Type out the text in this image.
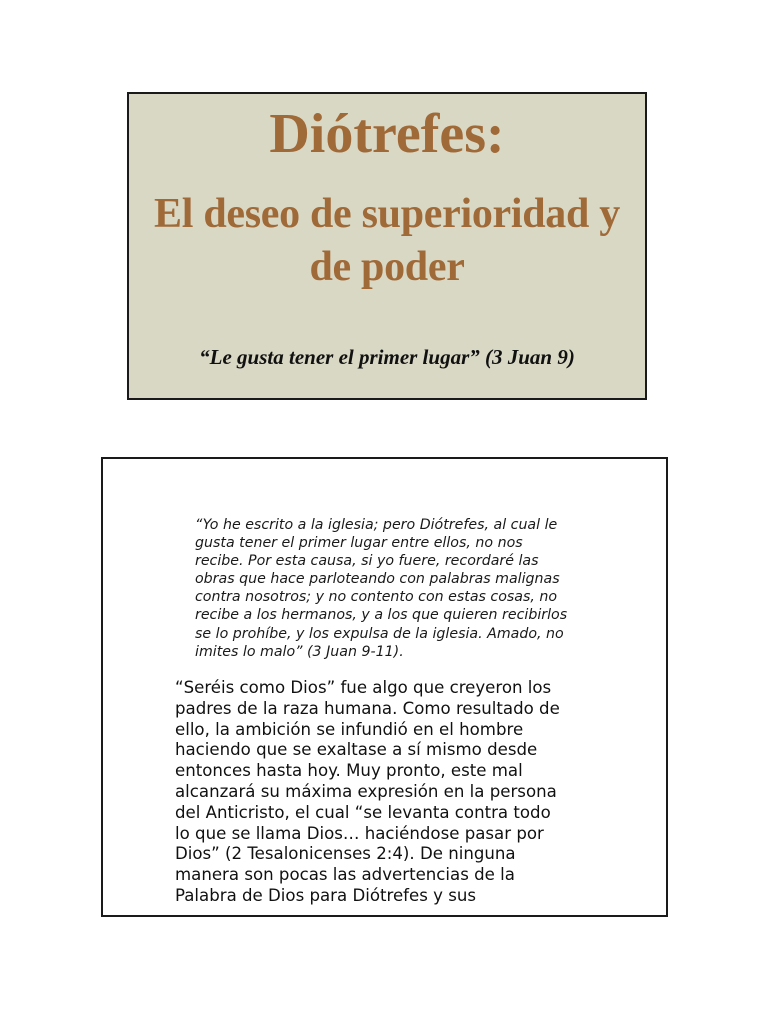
Diótrefes:
El deseo de superioridad y
de poder

“Le gusta tener el primer lugar” (3 Juan 9)

“Yo he escrito a la iglesia; pero Diótrefes, al cual le
gusta tener el primer lugar entre ellos, no nos
recibe. Por esta causa, si yo fuere, recordaré las
obras que hace parloteando con palabras malignas
contra nosotros; y no contento con estas cosas, no
recibe a los hermanos, y a los que quieren recibirlos
se lo prohíbe, y los expulsa de la iglesia. Amado, no
imites lo malo” (3 Juan 9-11).

“Seréis como Dios” fue algo que creyeron los
padres de la raza humana. Como resultado de
ello, la ambición se infundió en el hombre
haciendo que se exaltase a sí mismo desde
entonces hasta hoy. Muy pronto, este mal
alcanzará su máxima expresión en la persona
del Anticristo, el cual “se levanta contra todo
lo que se llama Dios… haciéndose pasar por
Dios” (2 Tesalonicenses 2:4). De ninguna
manera son pocas las advertencias de la
Palabra de Dios para Diótrefes y sus
